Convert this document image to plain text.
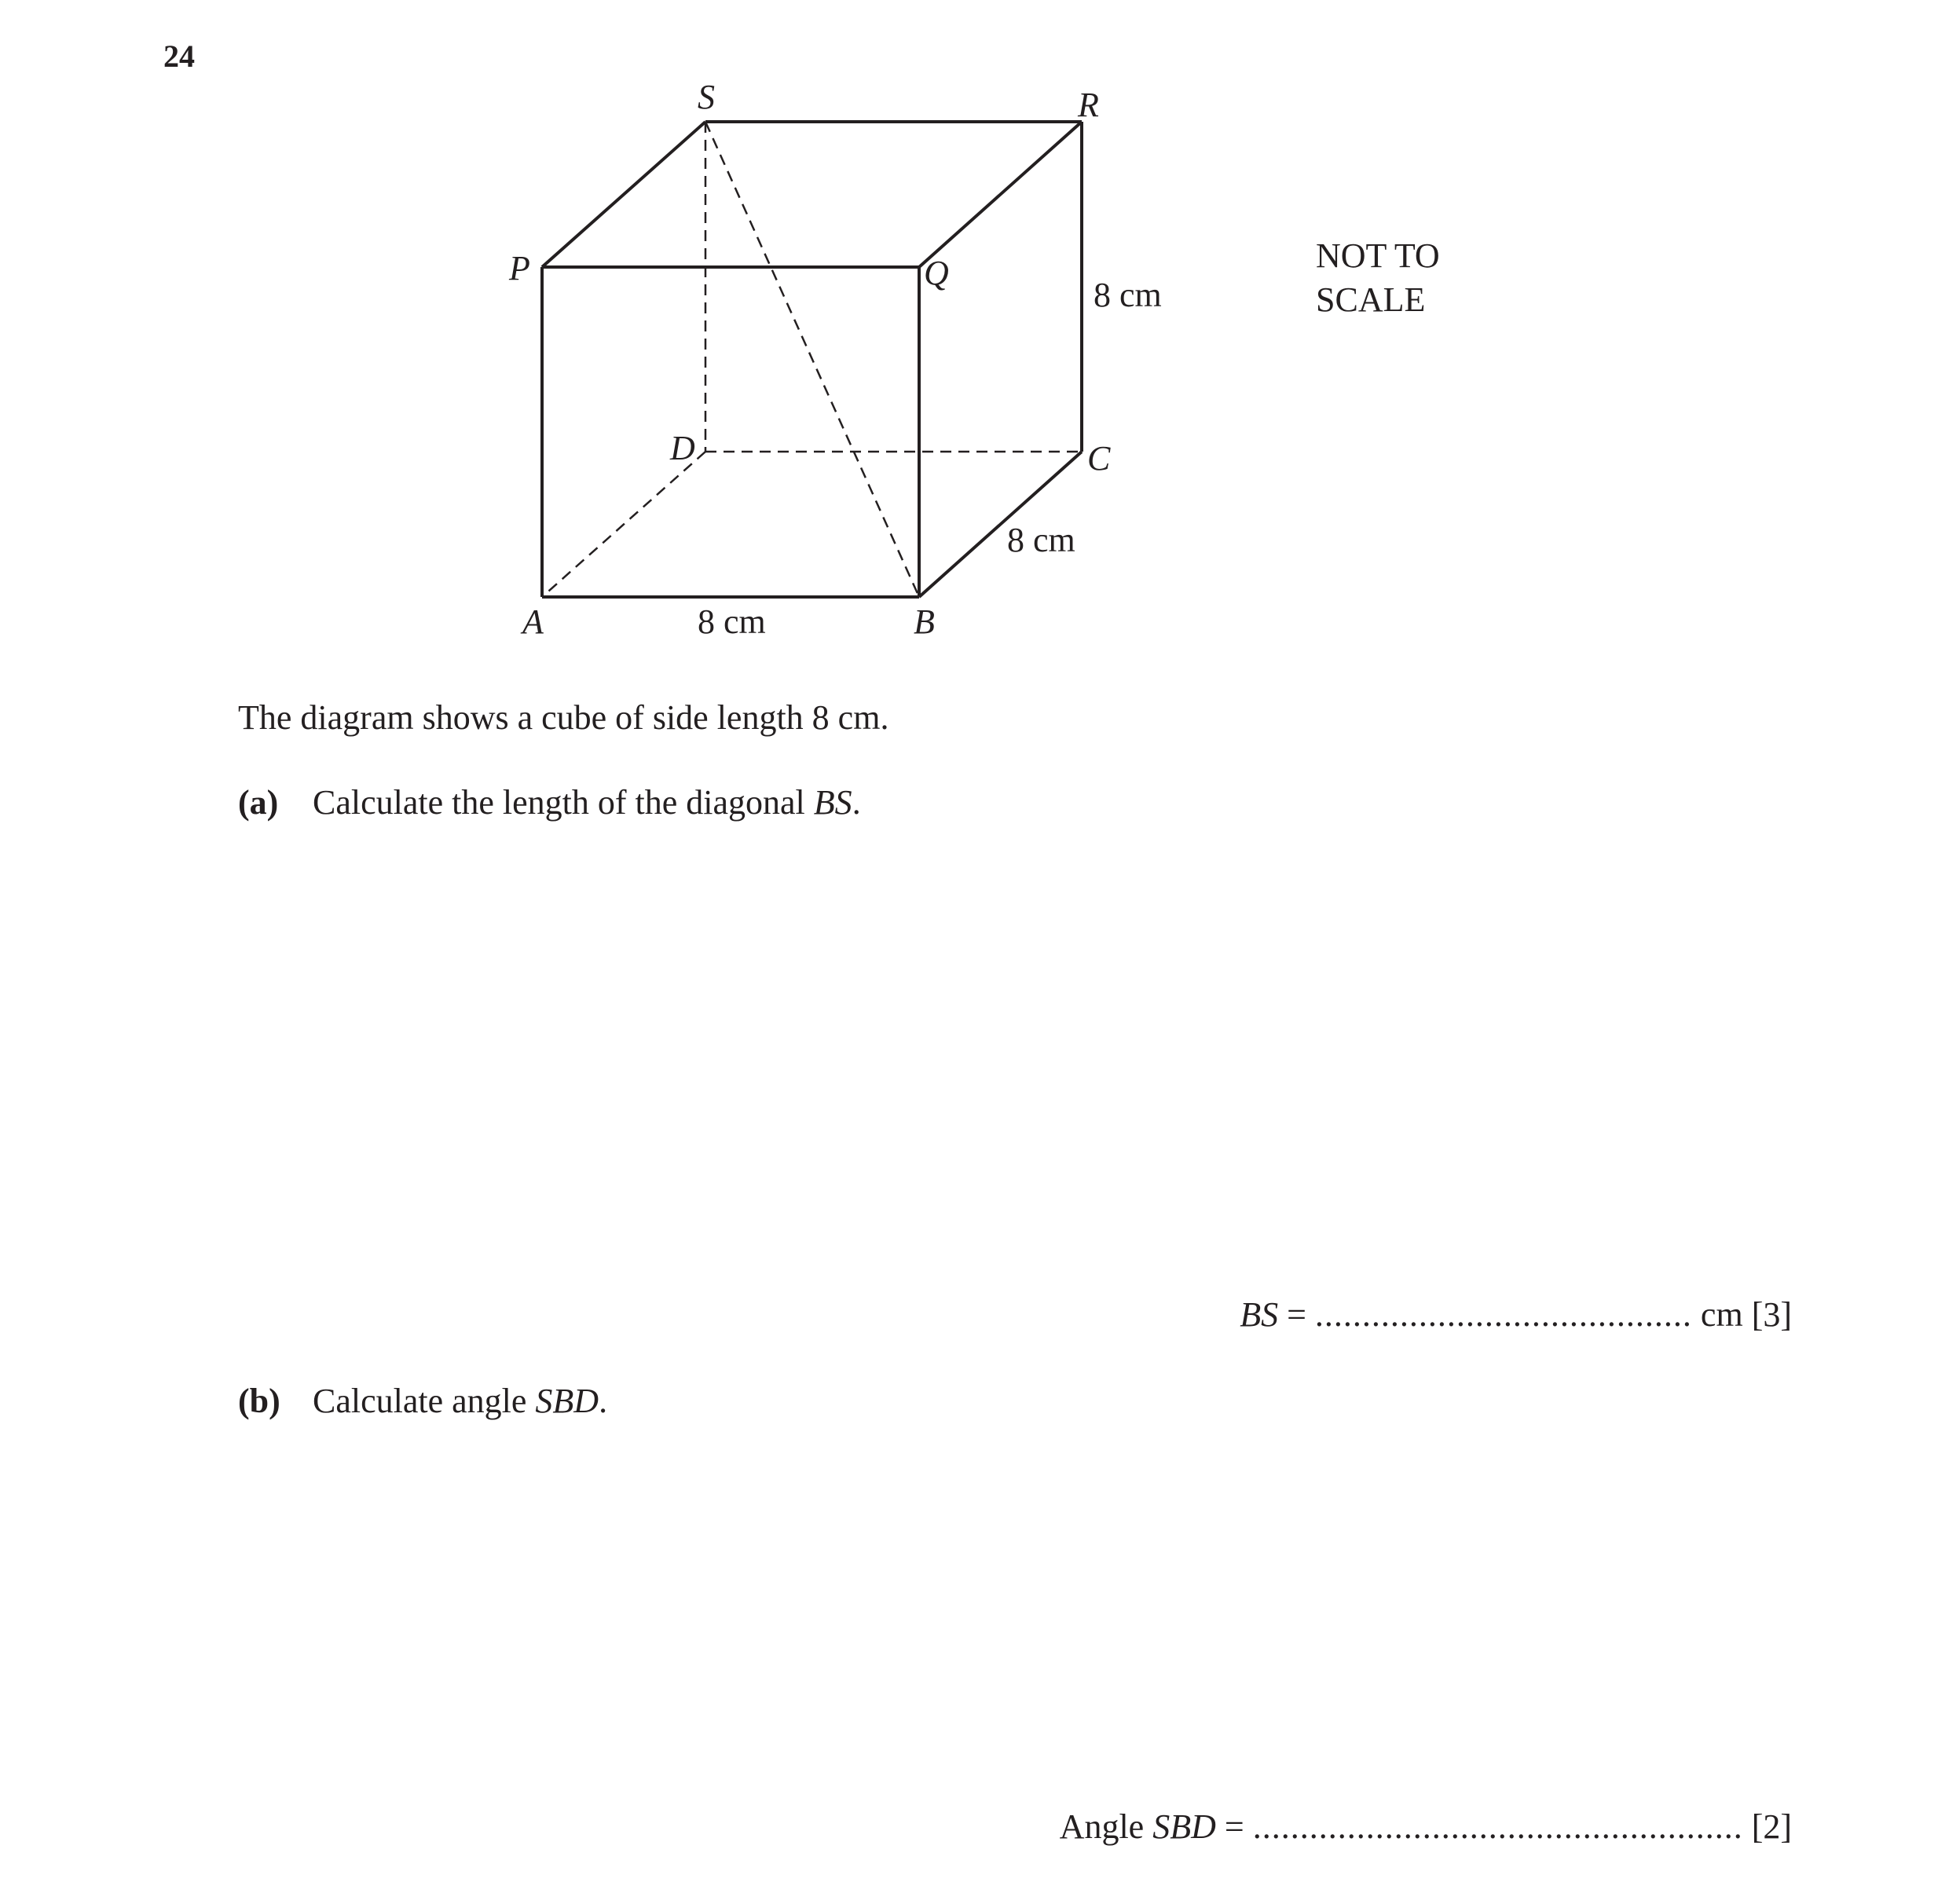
24
S	R
P	Q
D	C
A	B
8 cm
8 cm
8 cm
NOT TO
SCALE
The diagram shows a cube of side length 8 cm.
(a) Calculate the length of the diagonal BS.
BS = ........................................ cm [3]
(b) Calculate angle SBD.
Angle SBD = .................................................... [2]
